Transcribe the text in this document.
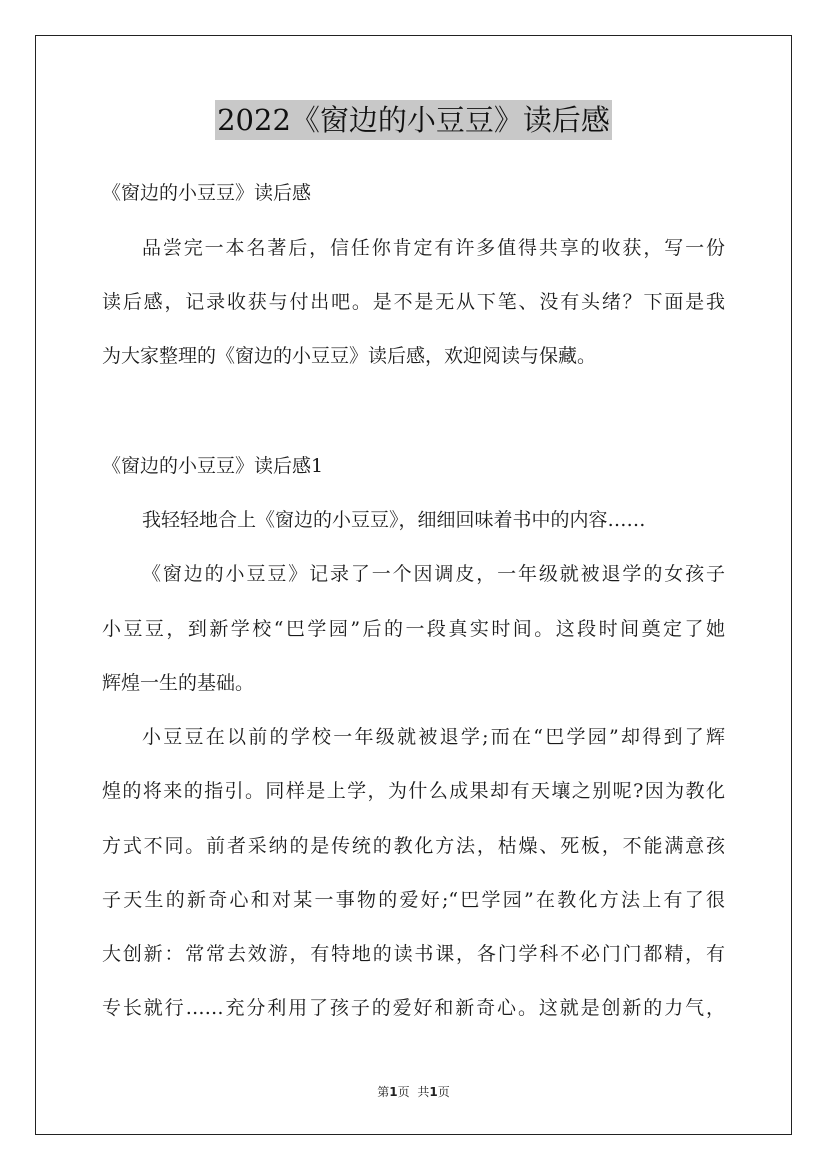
2022《窗边的小豆豆》读后感
《窗边的小豆豆》读后感
品尝完一本名著后，信任你肯定有许多值得共享的收获，写一份
读后感，记录收获与付出吧。是不是无从下笔、没有头绪？下面是我
为大家整理的《窗边的小豆豆》读后感，欢迎阅读与保藏。
《窗边的小豆豆》读后感1
我轻轻地合上《窗边的小豆豆》，细细回味着书中的内容……
《窗边的小豆豆》记录了一个因调皮，一年级就被退学的女孩子
小豆豆，到新学校“巴学园”后的一段真实时间。这段时间奠定了她
辉煌一生的基础。
小豆豆在以前的学校一年级就被退学;而在“巴学园”却得到了辉
煌的将来的指引。同样是上学，为什么成果却有天壤之别呢?因为教化
方式不同。前者采纳的是传统的教化方法，枯燥、死板，不能满意孩
子天生的新奇心和对某一事物的爱好;“巴学园”在教化方法上有了很
大创新：常常去效游，有特地的读书课，各门学科不必门门都精，有
专长就行……充分利用了孩子的爱好和新奇心。这就是创新的力气，
第1页 共1页
